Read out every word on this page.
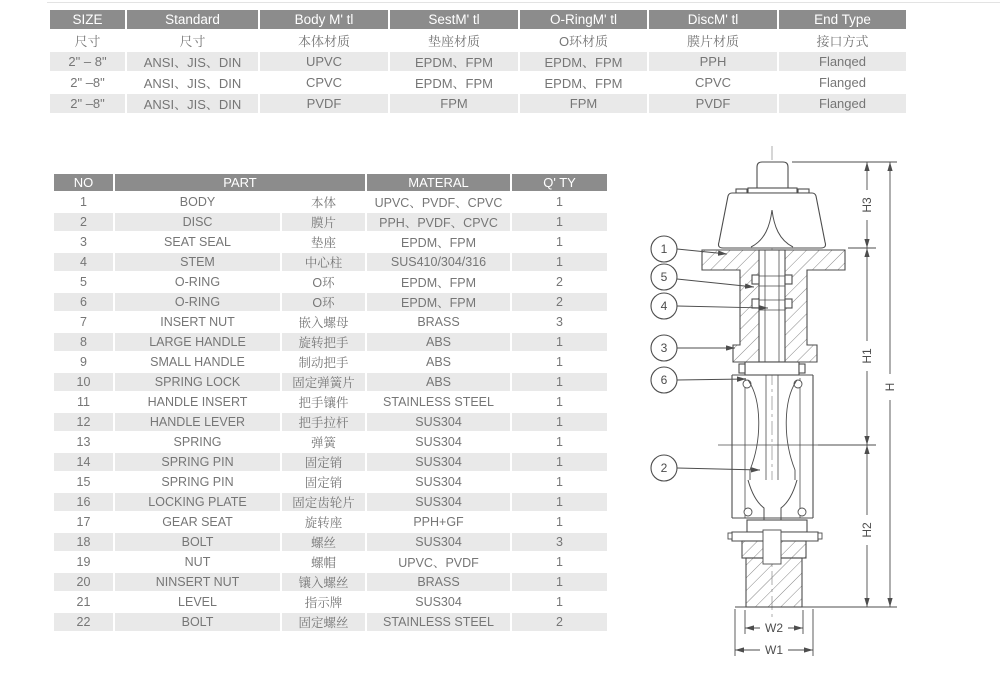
SIZE	Standard	Body M' tl	SestM' tl	O-RingM' tl	DiscM' tl	End Type
尺寸	尺寸	本体材质	垫座材质	O环材质	膜片材质	接口方式
2" – 8"	ANSI、JIS、DIN	UPVC	EPDM、FPM	EPDM、FPM	PPH	Flanqed
2" –8"	ANSI、JIS、DIN	CPVC	EPDM、FPM	EPDM、FPM	CPVC	Flanged
2" –8"	ANSI、JIS、DIN	PVDF	FPM	FPM	PVDF	Flanged
NO	PART		MATERAL	Q' TY
1	BODY	本体	UPVC、PVDF、CPVC	1
2	DISC	膜片	PPH、PVDF、CPVC	1
3	SEAT SEAL	垫座	EPDM、FPM	1
4	STEM	中心柱	SUS410/304/316	1
5	O-RING	O环	EPDM、FPM	2
6	O-RING	O环	EPDM、FPM	2
7	INSERT NUT	嵌入螺母	BRASS	3
8	LARGE HANDLE	旋转把手	ABS	1
9	SMALL HANDLE	制动把手	ABS	1
10	SPRING LOCK	固定弹簧片	ABS	1
11	HANDLE INSERT	把手镶件	STAINLESS STEEL	1
12	HANDLE LEVER	把手拉杆	SUS304	1
13	SPRING	弹簧	SUS304	1
14	SPRING PIN	固定销	SUS304	1
15	SPRING PIN	固定销	SUS304	1
16	LOCKING PLATE	固定齿轮片	SUS304	1
17	GEAR SEAT	旋转座	PPH+GF	1
18	BOLT	螺丝	SUS304	3
19	NUT	螺帽	UPVC、PVDF	1
20	NINSERT NUT	镶入螺丝	BRASS	1
21	LEVEL	指示牌	SUS304	1
22	BOLT	固定螺丝	STAINLESS STEEL	2
1
5
4
3
6
2
H3
H1
H2
H
W2
W1
